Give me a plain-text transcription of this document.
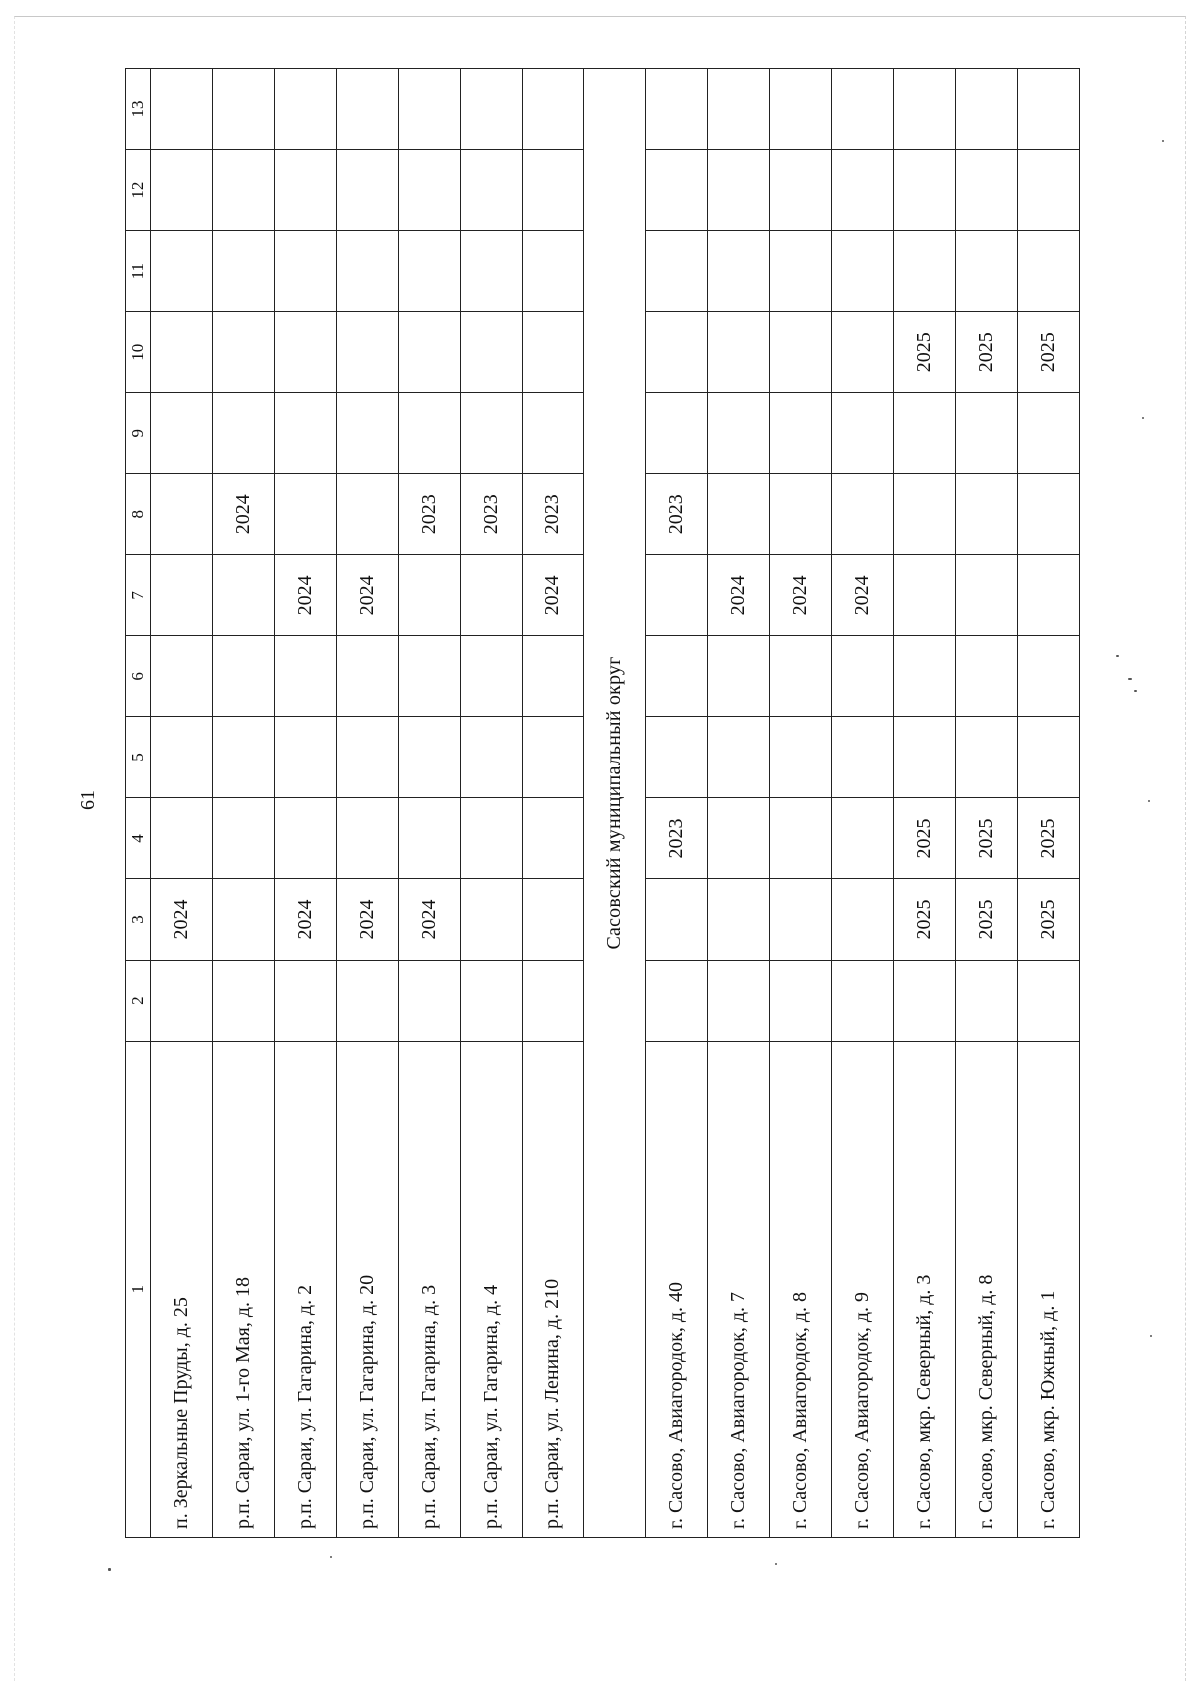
61
1	2	3	4	5	6	7	8	9	10	11	12	13
п. Зеркальные Пруды, д. 25		2024										
р.п. Сараи, ул. 1-го Мая, д. 18							2024					
р.п. Сараи, ул. Гагарина, д. 2		2024				2024						
р.п. Сараи, ул. Гагарина, д. 20		2024				2024						
р.п. Сараи, ул. Гагарина, д. 3		2024					2023					
р.п. Сараи, ул. Гагарина, д. 4							2023					
р.п. Сараи, ул. Ленина, д. 210						2024	2023					
Сасовский муниципальный округ												
г. Сасово, Авиагородок, д. 40			2023				2023					
г. Сасово, Авиагородок, д. 7						2024						
г. Сасово, Авиагородок, д. 8						2024						
г. Сасово, Авиагородок, д. 9						2024						
г. Сасово, мкр. Северный, д. 3		2025	2025						2025			
г. Сасово, мкр. Северный, д. 8		2025	2025						2025			
г. Сасово, мкр. Южный, д. 1		2025	2025						2025			
